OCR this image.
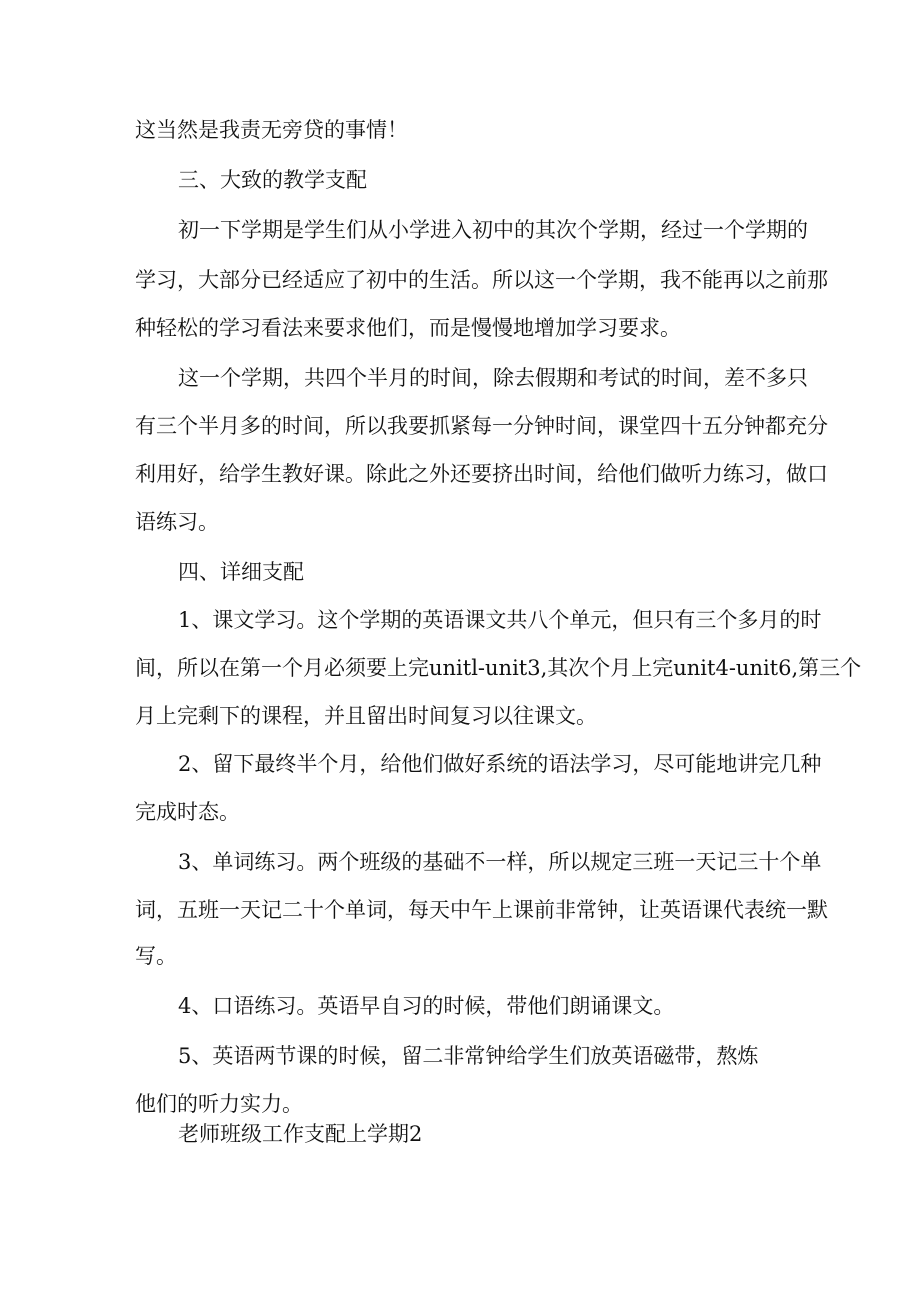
这当然是我责无旁贷的事情！
三、大致的教学支配
初一下学期是学生们从小学进入初中的其次个学期，经过一个学期的
学习，大部分已经适应了初中的生活。所以这一个学期，我不能再以之前那
种轻松的学习看法来要求他们，而是慢慢地增加学习要求。
这一个学期，共四个半月的时间，除去假期和考试的时间，差不多只
有三个半月多的时间，所以我要抓紧每一分钟时间，课堂四十五分钟都充分
利用好，给学生教好课。除此之外还要挤出时间，给他们做听力练习，做口
语练习。
四、详细支配
1、课文学习。这个学期的英语课文共八个单元，但只有三个多月的时
间，所以在第一个月必须要上完unitl-unit3,其次个月上完unit4-unit6,第三个
月上完剩下的课程，并且留出时间复习以往课文。
2、留下最终半个月，给他们做好系统的语法学习，尽可能地讲完几种
完成时态。
3、单词练习。两个班级的基础不一样，所以规定三班一天记三十个单
词，五班一天记二十个单词，每天中午上课前非常钟，让英语课代表统一默
写。
4、口语练习。英语早自习的时候，带他们朗诵课文。
5、英语两节课的时候，留二非常钟给学生们放英语磁带，熬炼
他们的听力实力。
老师班级工作支配上学期2
